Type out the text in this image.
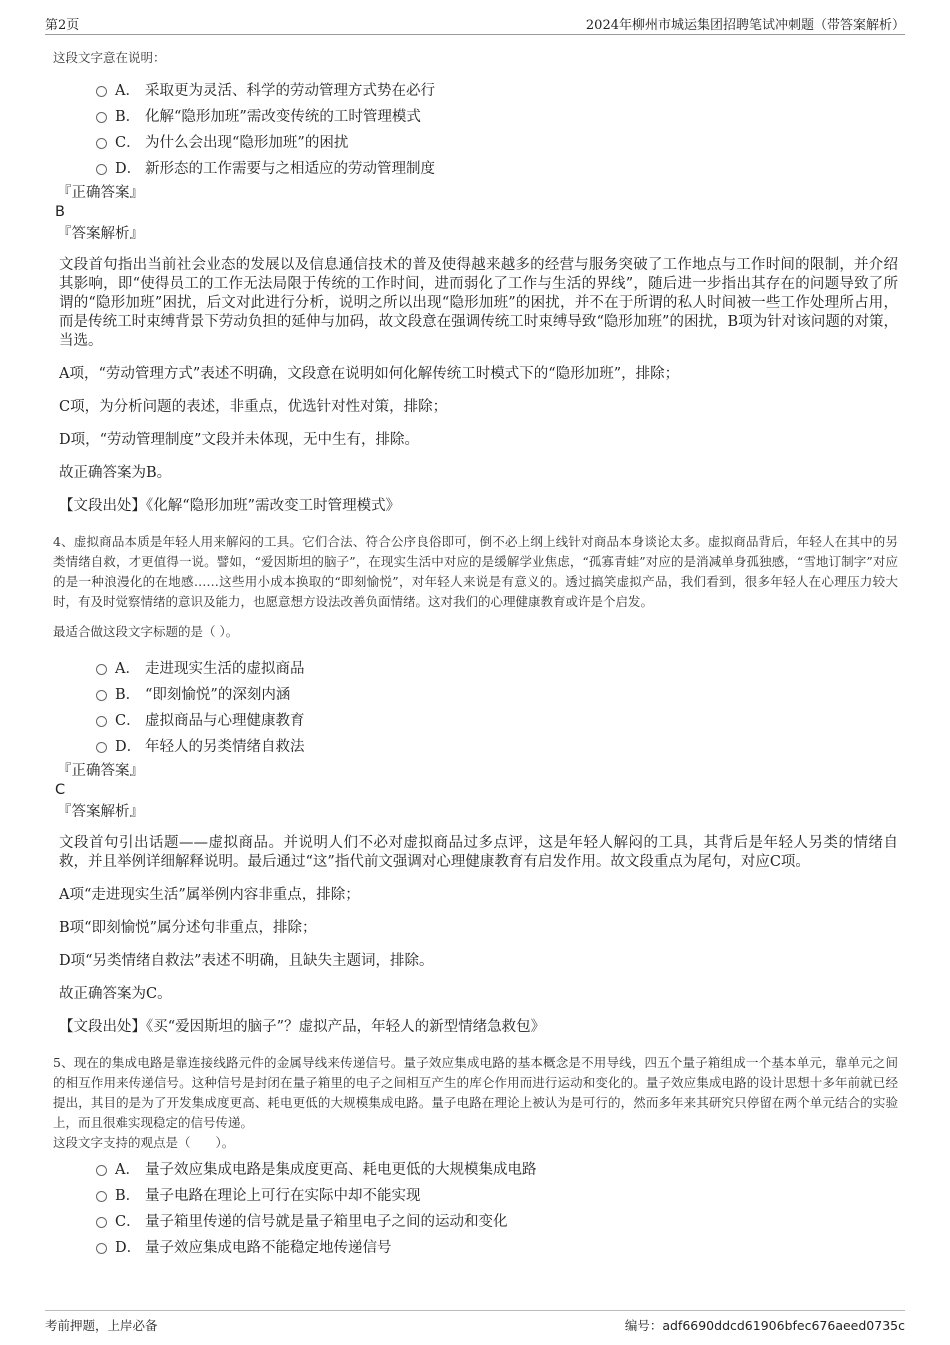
第2页	2024年柳州市城运集团招聘笔试冲刺题（带答案解析）
这段文字意在说明：
A． 采取更为灵活、科学的劳动管理方式势在必行
B． 化解“隐形加班”需改变传统的工时管理模式
C． 为什么会出现“隐形加班”的困扰
D． 新形态的工作需要与之相适应的劳动管理制度
『正确答案』
B
『答案解析』
文段首句指出当前社会业态的发展以及信息通信技术的普及使得越来越多的经营与服务突破了工作地点与工作时间的限制，并介绍其影响，即“使得员工的工作无法局限于传统的工作时间，进而弱化了工作与生活的界线”，随后进一步指出其存在的问题导致了所谓的“隐形加班”困扰，后文对此进行分析，说明之所以出现“隐形加班”的困扰，并不在于所谓的私人时间被一些工作处理所占用，而是传统工时束缚背景下劳动负担的延伸与加码，故文段意在强调传统工时束缚导致“隐形加班”的困扰，B项为针对该问题的对策，当选。
A项，“劳动管理方式”表述不明确，文段意在说明如何化解传统工时模式下的“隐形加班”，排除；
C项，为分析问题的表述，非重点，优选针对性对策，排除；
D项，“劳动管理制度”文段并未体现，无中生有，排除。
故正确答案为B。
【文段出处】《化解“隐形加班”需改变工时管理模式》
4、虚拟商品本质是年轻人用来解闷的工具。它们合法、符合公序良俗即可，倒不必上纲上线针对商品本身谈论太多。虚拟商品背后，年轻人在其中的另类情绪自救，才更值得一说。譬如，“爱因斯坦的脑子”，在现实生活中对应的是缓解学业焦虑，“孤寡青蛙”对应的是消减单身孤独感，“雪地订制字”对应的是一种浪漫化的在地感……这些用小成本换取的“即刻愉悦”，对年轻人来说是有意义的。透过搞笑虚拟产品，我们看到，很多年轻人在心理压力较大时，有及时觉察情绪的意识及能力，也愿意想方设法改善负面情绪。这对我们的心理健康教育或许是个启发。
最适合做这段文字标题的是（ ）。
A． 走进现实生活的虚拟商品
B． “即刻愉悦”的深刻内涵
C． 虚拟商品与心理健康教育
D． 年轻人的另类情绪自救法
『正确答案』
C
『答案解析』
文段首句引出话题——虚拟商品。并说明人们不必对虚拟商品过多点评，这是年轻人解闷的工具，其背后是年轻人另类的情绪自救，并且举例详细解释说明。最后通过“这”指代前文强调对心理健康教育有启发作用。故文段重点为尾句，对应C项。
A项“走进现实生活”属举例内容非重点，排除；
B项“即刻愉悦”属分述句非重点，排除；
D项“另类情绪自救法”表述不明确，且缺失主题词，排除。
故正确答案为C。
【文段出处】《买“爱因斯坦的脑子”？虚拟产品，年轻人的新型情绪急救包》
5、现在的集成电路是靠连接线路元件的金属导线来传递信号。量子效应集成电路的基本概念是不用导线，四五个量子箱组成一个基本单元，靠单元之间的相互作用来传递信号。这种信号是封闭在量子箱里的电子之间相互产生的库仑作用而进行运动和变化的。量子效应集成电路的设计思想十多年前就已经提出，其目的是为了开发集成度更高、耗电更低的大规模集成电路。量子电路在理论上被认为是可行的，然而多年来其研究只停留在两个单元结合的实验上，而且很难实现稳定的信号传递。
这段文字支持的观点是（　　）。
A． 量子效应集成电路是集成度更高、耗电更低的大规模集成电路
B． 量子电路在理论上可行在实际中却不能实现
C． 量子箱里传递的信号就是量子箱里电子之间的运动和变化
D． 量子效应集成电路不能稳定地传递信号
考前押题，上岸必备	编号：adf6690ddcd61906bfec676aeed0735c
